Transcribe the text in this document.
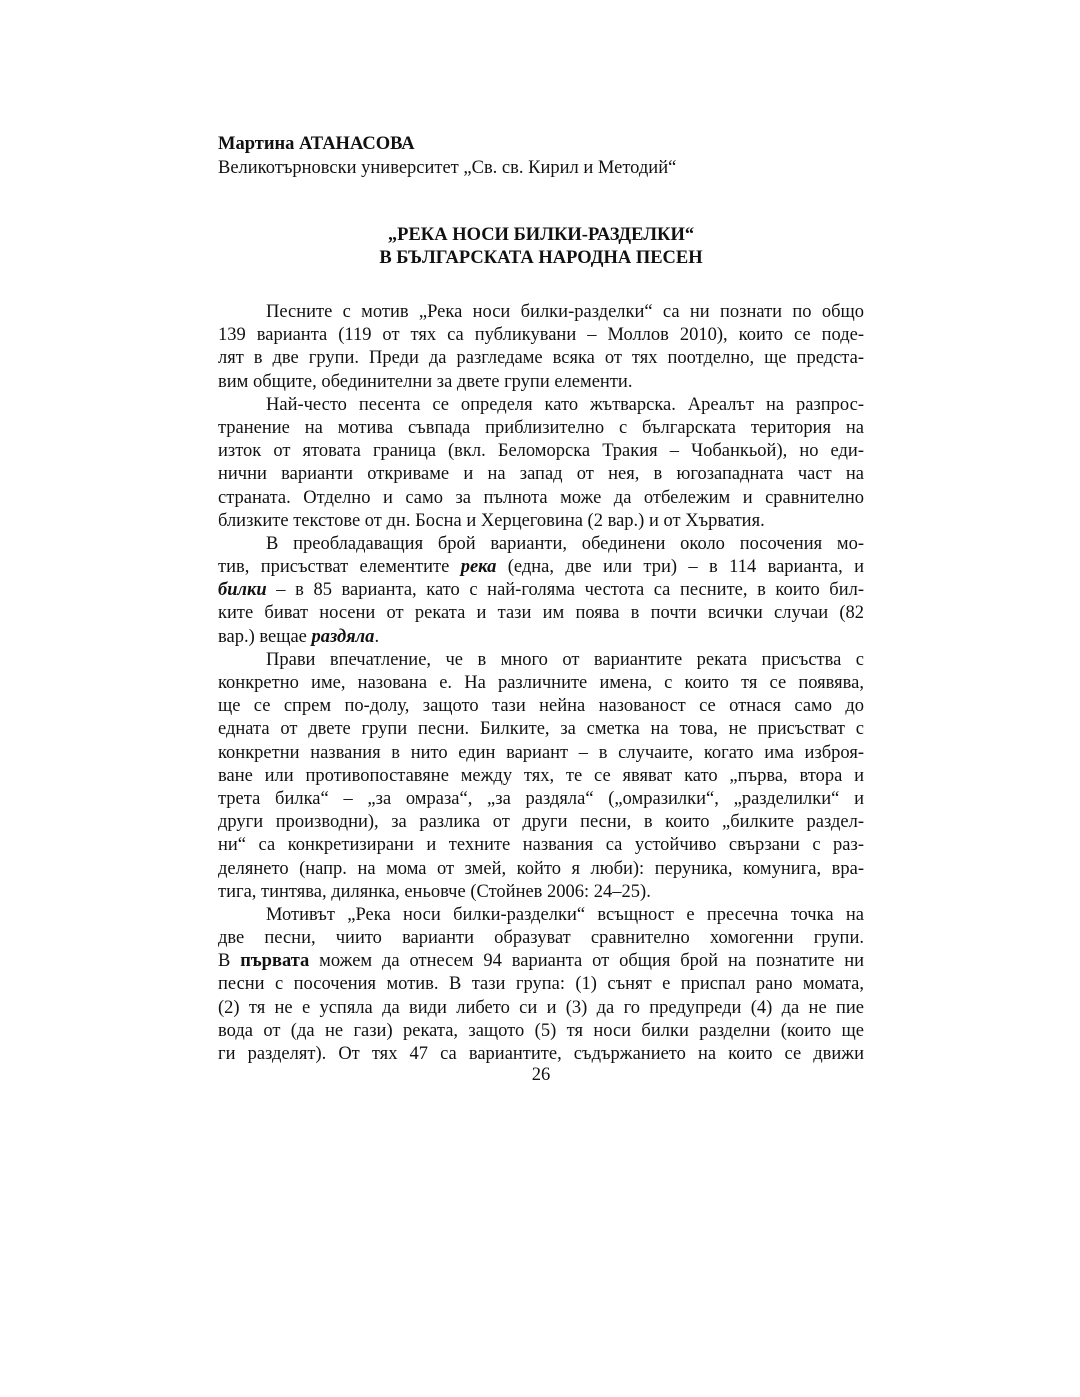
Мартина АТАНАСОВА

Великотърновски университет „Св. св. Кирил и Методий“

„РЕКА НОСИ БИЛКИ-РАЗДЕЛКИ“
В БЪЛГАРСКАТА НАРОДНА ПЕСЕН

Песните с мотив „Река носи билки-разделки“ са ни познати по общо
139 варианта (119 от тях са публикувани – Моллов 2010), които се поде-
лят в две групи. Преди да разгледаме всяка от тях поотделно, ще предста-
вим общите, обединителни за двете групи елементи.

Най-често песента се определя като жътварска. Ареалът на разпрос-
транение на мотива съвпада приблизително с българската територия на
изток от ятовата граница (вкл. Беломорска Тракия – Чобанкьой), но еди-
нични варианти откриваме и на запад от нея, в югозападната част на
страната. Отделно и само за пълнота може да отбележим и сравнително
близките текстове от дн. Босна и Херцеговина (2 вар.) и от Хърватия.

В преобладаващия брой варианти, обединени около посочения мо-
тив, присъстват елементите река (една, две или три) – в 114 варианта, и
билки – в 85 варианта, като с най-голяма честота са песните, в които бил-
ките биват носени от реката и тази им поява в почти всички случаи (82
вар.) вещае раздяла.

Прави впечатление, че в много от вариантите реката присъства с
конкретно име, назована е. На различните имена, с които тя се появява,
ще се спрем по-долу, защото тази нейна назованост се отнася само до
едната от двете групи песни. Билките, за сметка на това, не присъстват с
конкретни названия в нито един вариант – в случаите, когато има изброя-
ване или противопоставяне между тях, те се явяват като „първа, втора и
трета билка“ – „за омраза“, „за раздяла“ („омразилки“, „разделилки“ и
други производни), за разлика от други песни, в които „билките раздел-
ни“ са конкретизирани и техните названия са устойчиво свързани с раз-
делянето (напр. на мома от змей, който я люби): перуника, комунига, вра-
тига, тинтява, дилянка, еньовче (Стойнев 2006: 24–25).

Мотивът „Река носи билки-разделки“ всъщност е пресечна точка на
две песни, чиито варианти образуват сравнително хомогенни групи.
В първата можем да отнесем 94 варианта от общия брой на познатите ни
песни с посочения мотив. В тази група: (1) сънят е приспал рано момата,
(2) тя не е успяла да види либето си и (3) да го предупреди (4) да не пие
вода от (да не гази) реката, защото (5) тя носи билки разделни (които ще
ги разделят). От тях 47 са вариантите, съдържанието на които се движи

26
